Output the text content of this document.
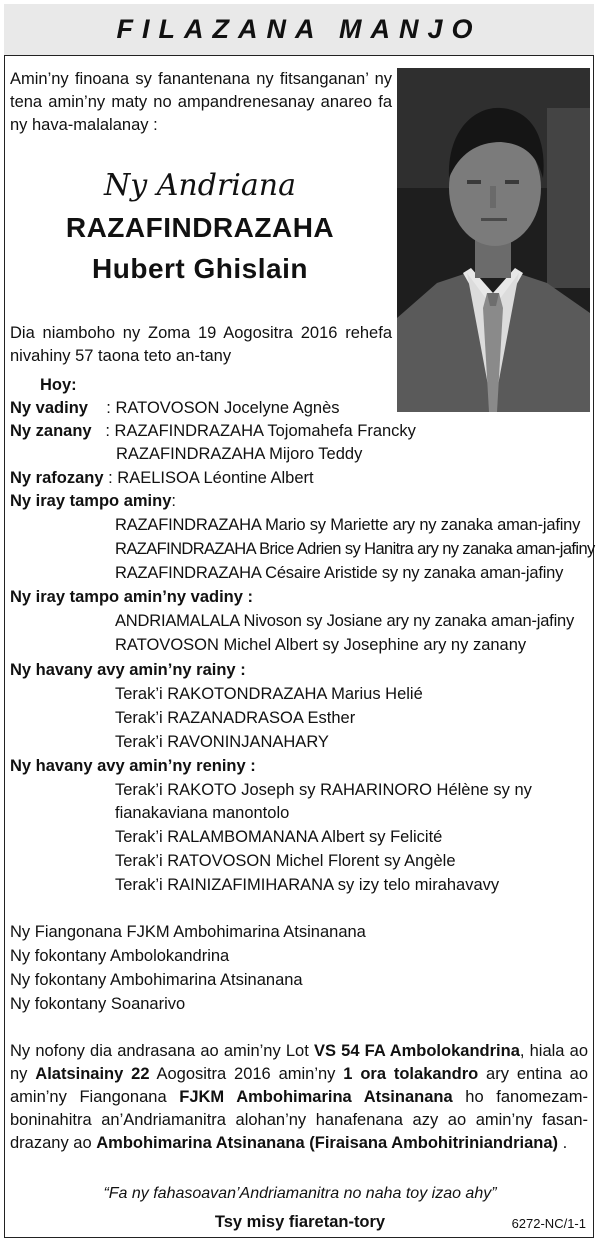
FILAZANA MANJO
Amin’ny finoana sy fanantenana ny fitsanganan’ ny tena amin’ny maty no ampandrenesanay anareo fa ny hava-malalanay :
Ny Andriana
RAZAFINDRAZAHA
Hubert Ghislain
Dia niamboho ny Zoma 19 Aogositra 2016 rehefa nivahiny 57 taona teto an-tany
Hoy:
Ny vadiny : RATOVOSON Jocelyne Agnès
Ny zanany : RAZAFINDRAZAHA Tojomahefa Francky
RAZAFINDRAZAHA Mijoro Teddy
Ny rafozany : RAELISOA Léontine Albert
Ny iray tampo aminy:
RAZAFINDRAZAHA Mario sy Mariette ary ny zanaka aman-jafiny
RAZAFINDRAZAHA Brice Adrien sy Hanitra ary ny zanaka aman-jafiny
RAZAFINDRAZAHA Césaire Aristide sy ny zanaka aman-jafiny
Ny iray tampo amin’ny vadiny :
ANDRIAMALALA Nivoson sy Josiane ary ny zanaka aman-jafiny
RATOVOSON Michel Albert sy Josephine ary ny zanany
Ny havany avy amin’ny rainy :
Terak’i RAKOTONDRAZAHA Marius Helié
Terak’i RAZANADRASOA Esther
Terak’i RAVONINJANAHARY
Ny havany avy amin’ny reniny :
Terak’i RAKOTO Joseph sy RAHARINORO Hélène sy ny
fianakaviana manontolo
Terak’i RALAMBOMANANA Albert sy Felicité
Terak’i RATOVOSON Michel Florent sy Angèle
Terak’i RAINIZAFIMIHARANA sy izy telo mirahavavy
Ny Fiangonana FJKM Ambohimarina Atsinanana
Ny fokontany Ambolokandrina
Ny fokontany Ambohimarina Atsinanana
Ny fokontany Soanarivo
Ny nofony dia andrasana ao amin’ny Lot VS 54 FA Ambolokandrina, hiala ao ny Alatsinainy 22 Aogositra 2016 amin’ny 1 ora tolakandro ary entina ao amin’ny Fiangonana FJKM Ambohimarina Atsinanana ho fanomezam-boninahitra an’Andriamanitra alohan’ny hanafenana azy ao amin’ny fasan-drazany ao Ambohimarina Atsinanana (Firaisana Ambohitriniandriana) .
“Fa ny fahasoavan’Andriamanitra no naha toy izao ahy”
Tsy misy fiaretan-tory	6272-NC/1-1
